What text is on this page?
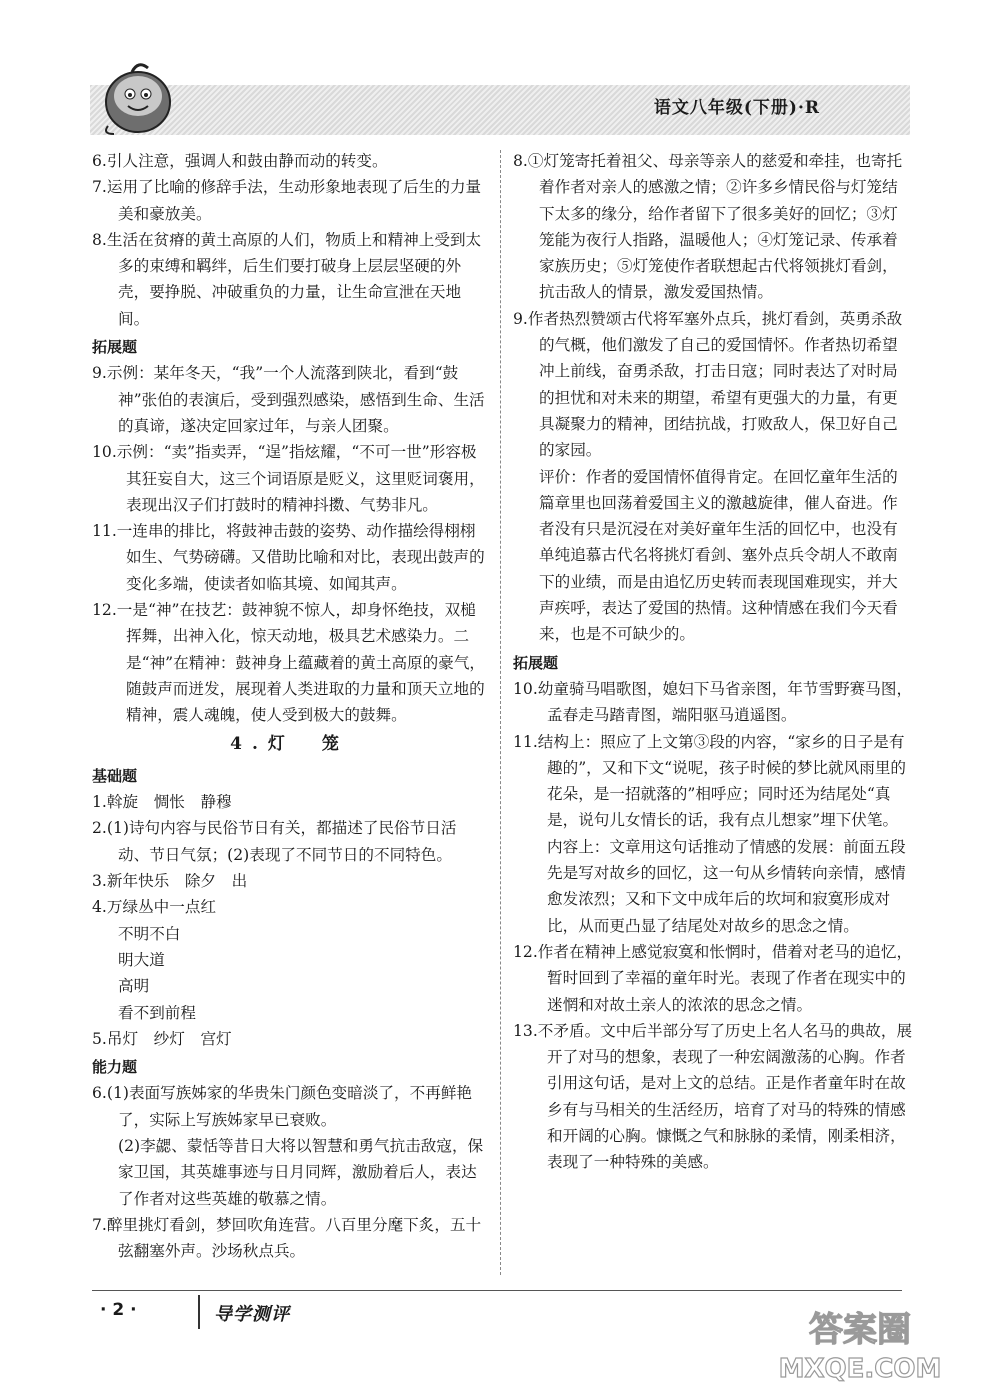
语文八年级(下册)·R

6.引人注意，强调人和鼓由静而动的转变。

7.运用了比喻的修辞手法，生动形象地表现了后生的力量美和豪放美。

8.生活在贫瘠的黄土高原的人们，物质上和精神上受到太多的束缚和羁绊，后生们要打破身上层层坚硬的外壳，要挣脱、冲破重负的力量，让生命宣泄在天地间。

拓展题

9.示例：某年冬天，“我”一个人流落到陕北，看到“鼓神”张伯的表演后，受到强烈感染，感悟到生命、生活的真谛，遂决定回家过年，与亲人团聚。

10.示例：“卖”指卖弄，“逞”指炫耀，“不可一世”形容极其狂妄自大，这三个词语原是贬义，这里贬词褒用，表现出汉子们打鼓时的精神抖擞、气势非凡。

11.一连串的排比，将鼓神击鼓的姿势、动作描绘得栩栩如生、气势磅礴。又借助比喻和对比，表现出鼓声的变化多端，使读者如临其境、如闻其声。

12.一是“神”在技艺：鼓神貌不惊人，却身怀绝技，双槌挥舞，出神入化，惊天动地，极具艺术感染力。二是“神”在精神：鼓神身上蕴藏着的黄土高原的豪气，随鼓声而迸发，展现着人类进取的力量和顶天立地的精神，震人魂魄，使人受到极大的鼓舞。

4.灯　笼

基础题

1.斡旋　惆怅　静穆

2.(1)诗句内容与民俗节日有关，都描述了民俗节日活动、节日气氛；(2)表现了不同节日的不同特色。

3.新年快乐　除夕　出

4.万绿丛中一点红

不明不白

明大道

高明

看不到前程

5.吊灯　纱灯　宫灯

能力题

6.(1)表面写族姊家的华贵朱门颜色变暗淡了，不再鲜艳了，实际上写族姊家早已衰败。

(2)李勰、蒙恬等昔日大将以智慧和勇气抗击敌寇，保家卫国，其英雄事迹与日月同辉，激励着后人，表达了作者对这些英雄的敬慕之情。

7.醉里挑灯看剑，梦回吹角连营。八百里分麾下炙，五十弦翻塞外声。沙场秋点兵。

8.①灯笼寄托着祖父、母亲等亲人的慈爱和牵挂，也寄托着作者对亲人的感激之情；②许多乡情民俗与灯笼结下太多的缘分，给作者留下了很多美好的回忆；③灯笼能为夜行人指路，温暖他人；④灯笼记录、传承着家族历史；⑤灯笼使作者联想起古代将领挑灯看剑，抗击敌人的情景，激发爱国热情。

9.作者热烈赞颂古代将军塞外点兵，挑灯看剑，英勇杀敌的气概，他们激发了自己的爱国情怀。作者热切希望冲上前线，奋勇杀敌，打击日寇；同时表达了对时局的担忧和对未来的期望，希望有更强大的力量，有更具凝聚力的精神，团结抗战，打败敌人，保卫好自己的家园。

评价：作者的爱国情怀值得肯定。在回忆童年生活的篇章里也回荡着爱国主义的激越旋律，催人奋进。作者没有只是沉浸在对美好童年生活的回忆中，也没有单纯追慕古代名将挑灯看剑、塞外点兵令胡人不敢南下的业绩，而是由追忆历史转而表现国难现实，并大声疾呼，表达了爱国的热情。这种情感在我们今天看来，也是不可缺少的。

拓展题

10.幼童骑马唱歌图，媳妇下马省亲图，年节雪野赛马图，孟春走马踏青图，端阳驱马逍遥图。

11.结构上：照应了上文第③段的内容，“家乡的日子是有趣的”，又和下文“说呢，孩子时候的梦比就风雨里的花朵，是一招就落的”相呼应；同时还为结尾处“真是，说句儿女情长的话，我有点儿想家”埋下伏笔。内容上：文章用这句话推动了情感的发展：前面五段先是写对故乡的回忆，这一句从乡情转向亲情，感情愈发浓烈；又和下文中成年后的坎坷和寂寞形成对比，从而更凸显了结尾处对故乡的思念之情。

12.作者在精神上感觉寂寞和怅惘时，借着对老马的追忆，暂时回到了幸福的童年时光。表现了作者在现实中的迷惘和对故土亲人的浓浓的思念之情。

13.不矛盾。文中后半部分写了历史上名人名马的典故，展开了对马的想象，表现了一种宏阔激荡的心胸。作者引用这句话，是对上文的总结。正是作者童年时在故乡有与马相关的生活经历，培育了对马的特殊的情感和开阔的心胸。慷慨之气和脉脉的柔情，刚柔相济，表现了一种特殊的美感。

· 2 ·	导学测评	答案圈
MXQE.COM
